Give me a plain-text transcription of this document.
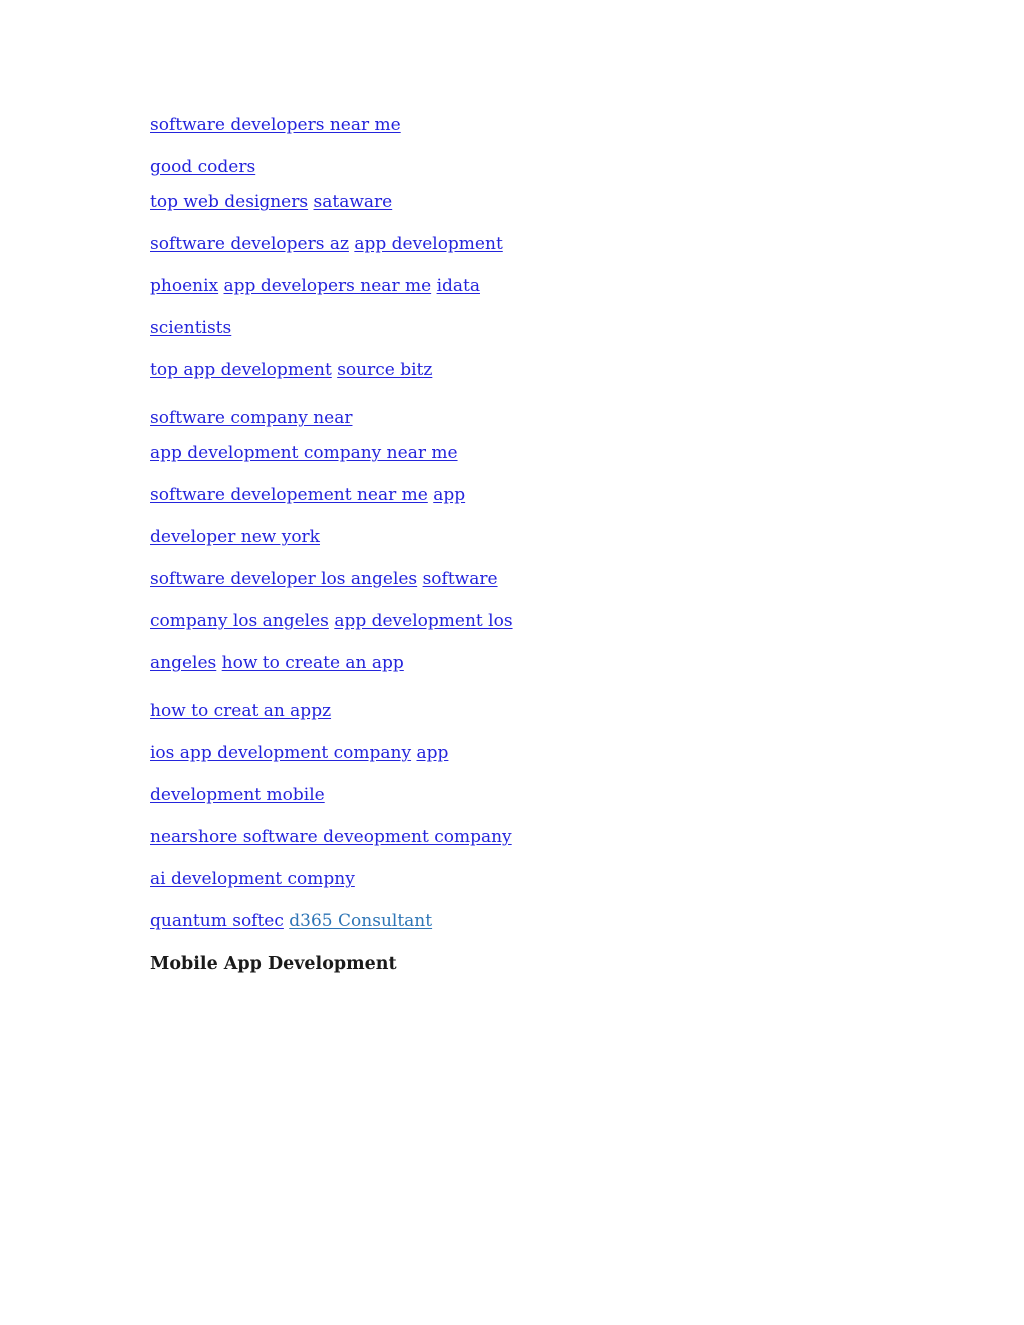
software developers near me
good coders
top web designers sataware
software developers az app development
phoenix app developers near me idata
scientists
top app development source bitz
software company near
app development company near me
software developement near me app
developer new york
software developer los angeles software
company los angeles app development los
angeles how to create an app
how to creat an appz
ios app development company app
development mobile
nearshore software deveopment company
ai development compny
quantum softec d365 Consultant
Mobile App Development
